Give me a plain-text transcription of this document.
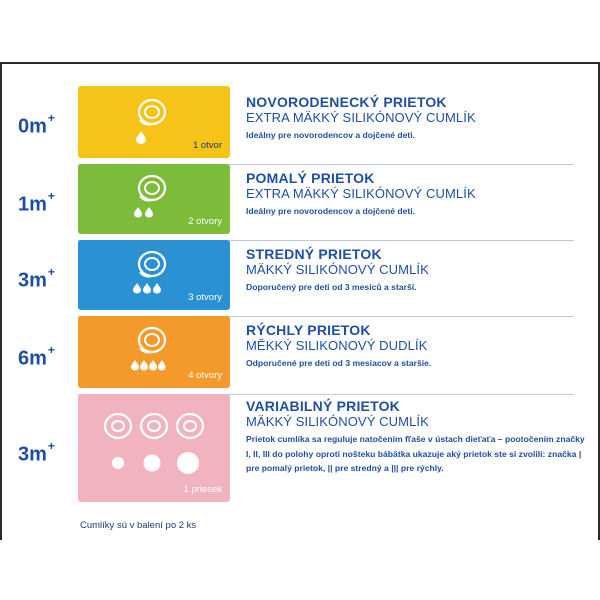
0m+
1 otvor
NOVORODENECKÝ PRIETOK
EXTRA MÄKKÝ SILIKÓNOVÝ CUMLÍK
Ideálny pre novorodencov a dojčené deti.
1m+
2 otvory
POMALÝ PRIETOK
EXTRA MÄKKÝ SILIKÓNOVÝ CUMLÍK
Ideálny pre novorodencov a dojčené deti.
3m+
3 otvory
STREDNÝ PRIETOK
MÄKKÝ SILIKÓNOVÝ CUMLÍK
Doporučený pre deti od 3 mesiců a starší.
6m+
4 otvory
RÝCHLY PRIETOK
MĚKKÝ SILIKONOVÝ DUDLÍK
Odporučené pre deti od 3 mesiacov a staršie.
3m+
1 priesek
VARIABILNÝ PRIETOK
MÄKKÝ SILIKÓNOVÝ CUMLÍK
Prietok cumlíka sa reguluje natočením fľaše v ústach dieťaťa – pootočením značky I, II, III do polohy oproti nošteku bábätka ukazuje aký prietok ste si zvolili: značka | pre pomalý prietok, || pre stredný a ||| pre rýchly.
Cumlíky sú v balení po 2 ks
